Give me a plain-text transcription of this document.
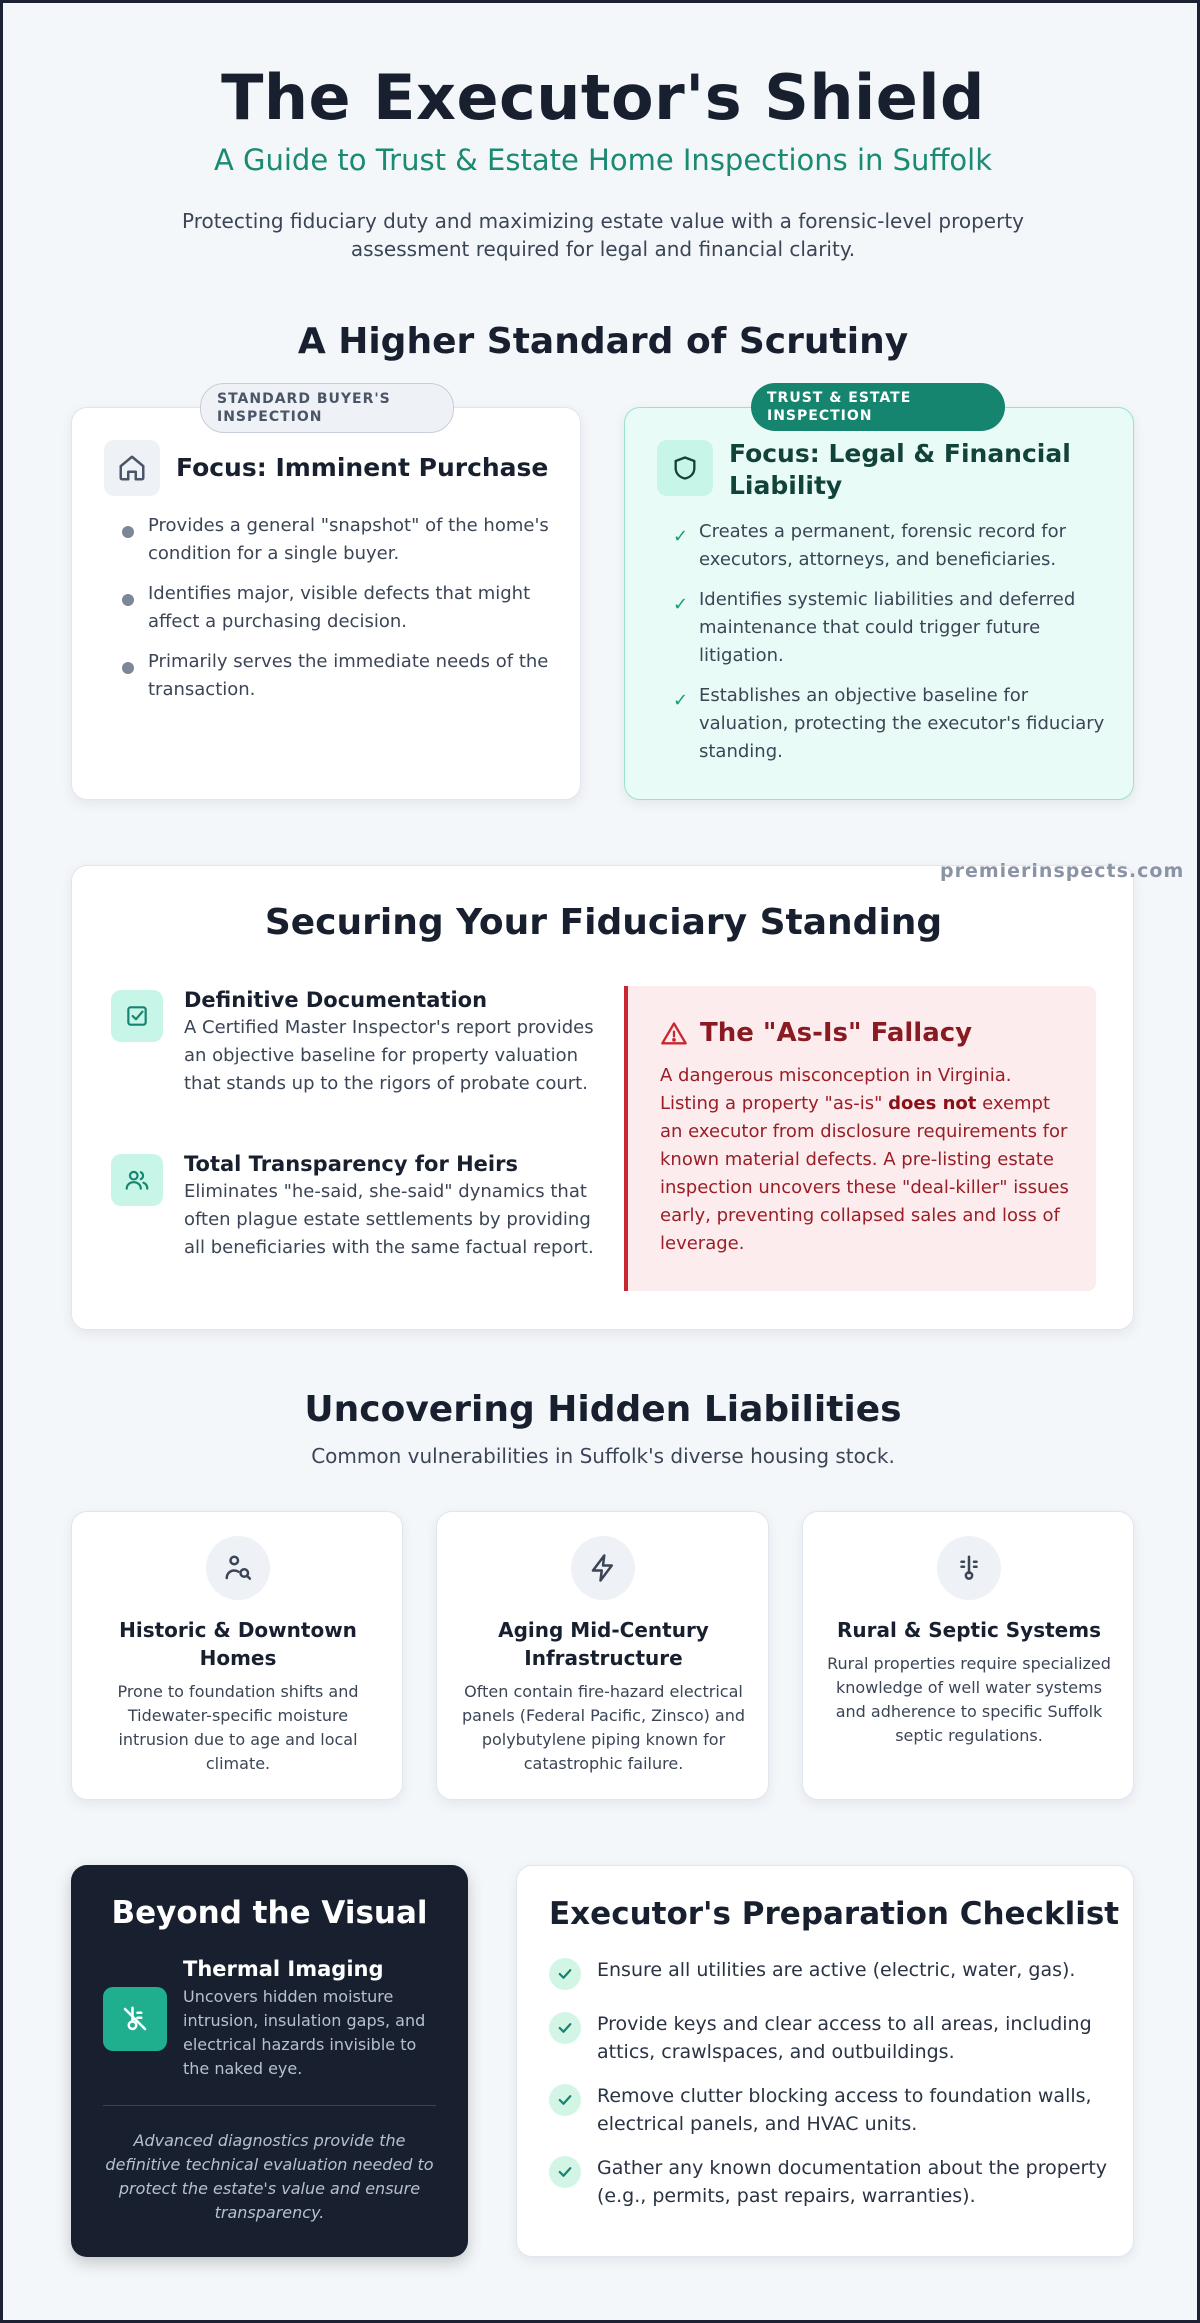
The Executor's Shield
A Guide to Trust & Estate Home Inspections in Suffolk
Protecting fiduciary duty and maximizing estate value with a forensic-level property assessment required for legal and financial clarity.
A Higher Standard of Scrutiny
Focus: Imminent Purchase
Provides a general "snapshot" of the home's condition for a single buyer.
Identifies major, visible defects that might affect a purchasing decision.
Primarily serves the immediate needs of the transaction.
STANDARD BUYER'S INSPECTION
Focus: Legal & Financial Liability
✓ Creates a permanent, forensic record for executors, attorneys, and beneficiaries.
✓ Identifies systemic liabilities and deferred maintenance that could trigger future litigation.
✓ Establishes an objective baseline for valuation, protecting the executor's fiduciary standing.
TRUST & ESTATE INSPECTION
Securing Your Fiduciary Standing
Definitive Documentation
A Certified Master Inspector's report provides an objective baseline for property valuation that stands up to the rigors of probate court.
Total Transparency for Heirs
Eliminates "he-said, she-said" dynamics that often plague estate settlements by providing all beneficiaries with the same factual report.
The "As-Is" Fallacy
A dangerous misconception in Virginia. Listing a property "as-is" does not exempt an executor from disclosure requirements for known material defects. A pre-listing estate inspection uncovers these "deal-killer" issues early, preventing collapsed sales and loss of leverage.
premierinspects.com
Uncovering Hidden Liabilities
Common vulnerabilities in Suffolk's diverse housing stock.
Historic & Downtown Homes
Prone to foundation shifts and Tidewater-specific moisture intrusion due to age and local climate.
Aging Mid-Century Infrastructure
Often contain fire-hazard electrical panels (Federal Pacific, Zinsco) and polybutylene piping known for catastrophic failure.
Rural & Septic Systems
Rural properties require specialized knowledge of well water systems and adherence to specific Suffolk septic regulations.
Beyond the Visual
Thermal Imaging
Uncovers hidden moisture intrusion, insulation gaps, and electrical hazards invisible to the naked eye.
Advanced diagnostics provide the definitive technical evaluation needed to protect the estate's value and ensure transparency.
Executor's Preparation Checklist
Ensure all utilities are active (electric, water, gas).
Provide keys and clear access to all areas, including attics, crawlspaces, and outbuildings.
Remove clutter blocking access to foundation walls, electrical panels, and HVAC units.
Gather any known documentation about the property (e.g., permits, past repairs, warranties).
